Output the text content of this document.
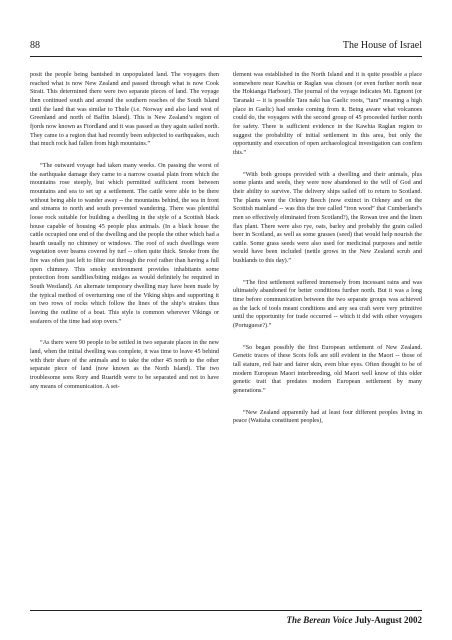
88	The House of Israel

posit the people being banished in unpopulated land. The voyagers then reached what is now New Zealand and passed through what is now Cook Strait. This determined there were two separate pieces of land. The voyage then continued south and around the southern reaches of the South Island until the land that was similar to Thule (i.e. Norway and also land west of Greenland and north of Baffin Island). This is New Zealand’s region of fjords now known as Fiordland and it was passed as they again sailed north. They came to a region that had recently been subjected to earthquakes, such that much rock had fallen from high mountains.”

“The outward voyage had taken many weeks. On passing the worst of the earthquake damage they came to a narrow coastal plain from which the mountains rose steeply, but which permitted sufficient room between mountains and sea to set up a settlement. The cattle were able to be there without being able to wander away -- the mountains behind, the sea in front and streams to north and south prevented wandering. There was plentiful loose rock suitable for building a dwelling in the style of a Scottish black house capable of housing 45 people plus animals. (In a black house the cattle occupied one end of the dwelling and the people the other which had a hearth usually no chimney or windows. The roof of such dwellings were vegetation over beams covered by turf -- often quite thick. Smoke from the fire was often just left to filter out through the roof rather than having a full open chimney. This smoky environment provides inhabitants some protection from sandflies/biting midges as would definitely be required in South Westland). An alternate temporary dwelling may have been made by the typical method of overturning one of the Viking ships and supporting it on two rows of rocks which follow the lines of the ship’s strakes thus leaving the outline of a boat. This style is common wherever Vikings or seafarers of the time had stop overs.”

“As there were 90 people to be settled in two separate places in the new land, when the initial dwelling was complete, it was time to leave 45 behind with their share of the animals and to take the other 45 north to the other separate piece of land (now known as the North Island). The two troublesome sons Rory and Ruaridh were to be separated and not to have any means of communication. A set-

tlement was established in the North Island and it is quite possible a place somewhere near Kawhia or Raglan was chosen (or even further north near the Hokianga Harbour). The journal of the voyage indicates Mt. Egmont (or Taranaki -- it is possible Tara naki has Gaelic roots, “tara” meaning a high place in Gaelic) had smoke coming from it. Being aware what volcanoes could do, the voyagers with the second group of 45 proceeded further north for safety. There is sufficient evidence in the Kawhia Raglan region to suggest the probability of initial settlement in this area, but only the opportunity and execution of open archaeological investigation can confirm this.”

“With both groups provided with a dwelling and their animals, plus some plants and seeds, they were now abandoned to the will of God and their ability to survive. The delivery ships sailed off to return to Scotland. The plants were the Orkney Beech (now extinct in Orkney and on the Scottish mainland -- was this the tree called “iron wood” that Cumberland’s men so effectively eliminated from Scotland?), the Rowan tree and the linen flax plant. There were also rye, oats, barley and probably the grain called beer in Scotland, as well as some grasses (seed) that would help nourish the cattle. Some grass seeds were also used for medicinal purposes and nettle would have been included (nettle grows in the New Zealand scrub and bushlands to this day).”

“The first settlement suffered immensely from incessant rains and was ultimately abandoned for better conditions further north. But it was a long time before communication between the two separate groups was achieved as the lack of tools meant conditions and any sea craft were very primitive until the opportunity for trade occurred -- which it did with other voyagers (Portuguese?).”

“So began possibly the first European settlement of New Zealand. Genetic traces of these Scots folk are still evident in the Maori -- those of tall stature, red hair and fairer skin, even blue eyes. Often thought to be of modern European Maori interbreeding, old Maori well know of this older genetic trait that predates modern European settlement by many generations.”

“New Zealand apparently had at least four different peoples living in peace (Waitaha constituent peoples),

The Berean Voice July-August 2002
